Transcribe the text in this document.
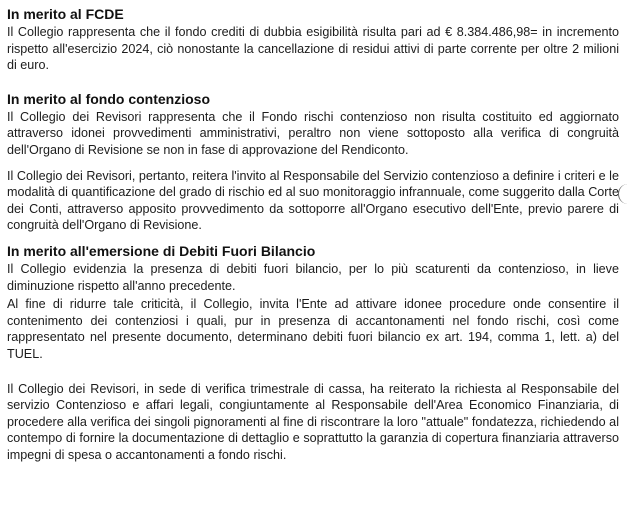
In merito al FCDE

Il Collegio rappresenta che il fondo crediti di dubbia esigibilità risulta pari ad € 8.384.486,98= in incremento rispetto all'esercizio 2024, ciò nonostante la cancellazione di residui attivi di parte corrente per oltre 2 milioni di euro.

In merito al fondo contenzioso

Il Collegio dei Revisori rappresenta che il Fondo rischi contenzioso non risulta costituito ed aggiornato attraverso idonei provvedimenti amministrativi, peraltro non viene sottoposto alla verifica di congruità dell'Organo di Revisione se non in fase di approvazione del Rendiconto.

Il Collegio dei Revisori, pertanto, reitera l'invito al Responsabile del Servizio contenzioso a definire i criteri e le modalità di quantificazione del grado di rischio ed al suo monitoraggio infrannuale, come suggerito dalla Corte dei Conti, attraverso apposito provvedimento da sottoporre all'Organo esecutivo dell'Ente, previo parere di congruità dell'Organo di Revisione.

In merito all'emersione di Debiti Fuori Bilancio

Il Collegio evidenzia la presenza di debiti fuori bilancio, per lo più scaturenti da contenzioso, in lieve diminuzione rispetto all'anno precedente.

Al fine di ridurre tale criticità, il Collegio, invita l'Ente ad attivare idonee procedure onde consentire il contenimento dei contenziosi i quali, pur in presenza di accantonamenti nel fondo rischi, così come rappresentato nel presente documento, determinano debiti fuori bilancio ex art. 194, comma 1, lett. a) del TUEL.

Il Collegio dei Revisori, in sede di verifica trimestrale di cassa, ha reiterato la richiesta al Responsabile del servizio Contenzioso e affari legali, congiuntamente al Responsabile dell'Area Economico Finanziaria, di procedere alla verifica dei singoli pignoramenti al fine di riscontrare la loro "attuale" fondatezza, richiedendo al contempo di fornire la documentazione di dettaglio e soprattutto la garanzia di copertura finanziaria attraverso impegni di spesa o accantonamenti a fondo rischi.
